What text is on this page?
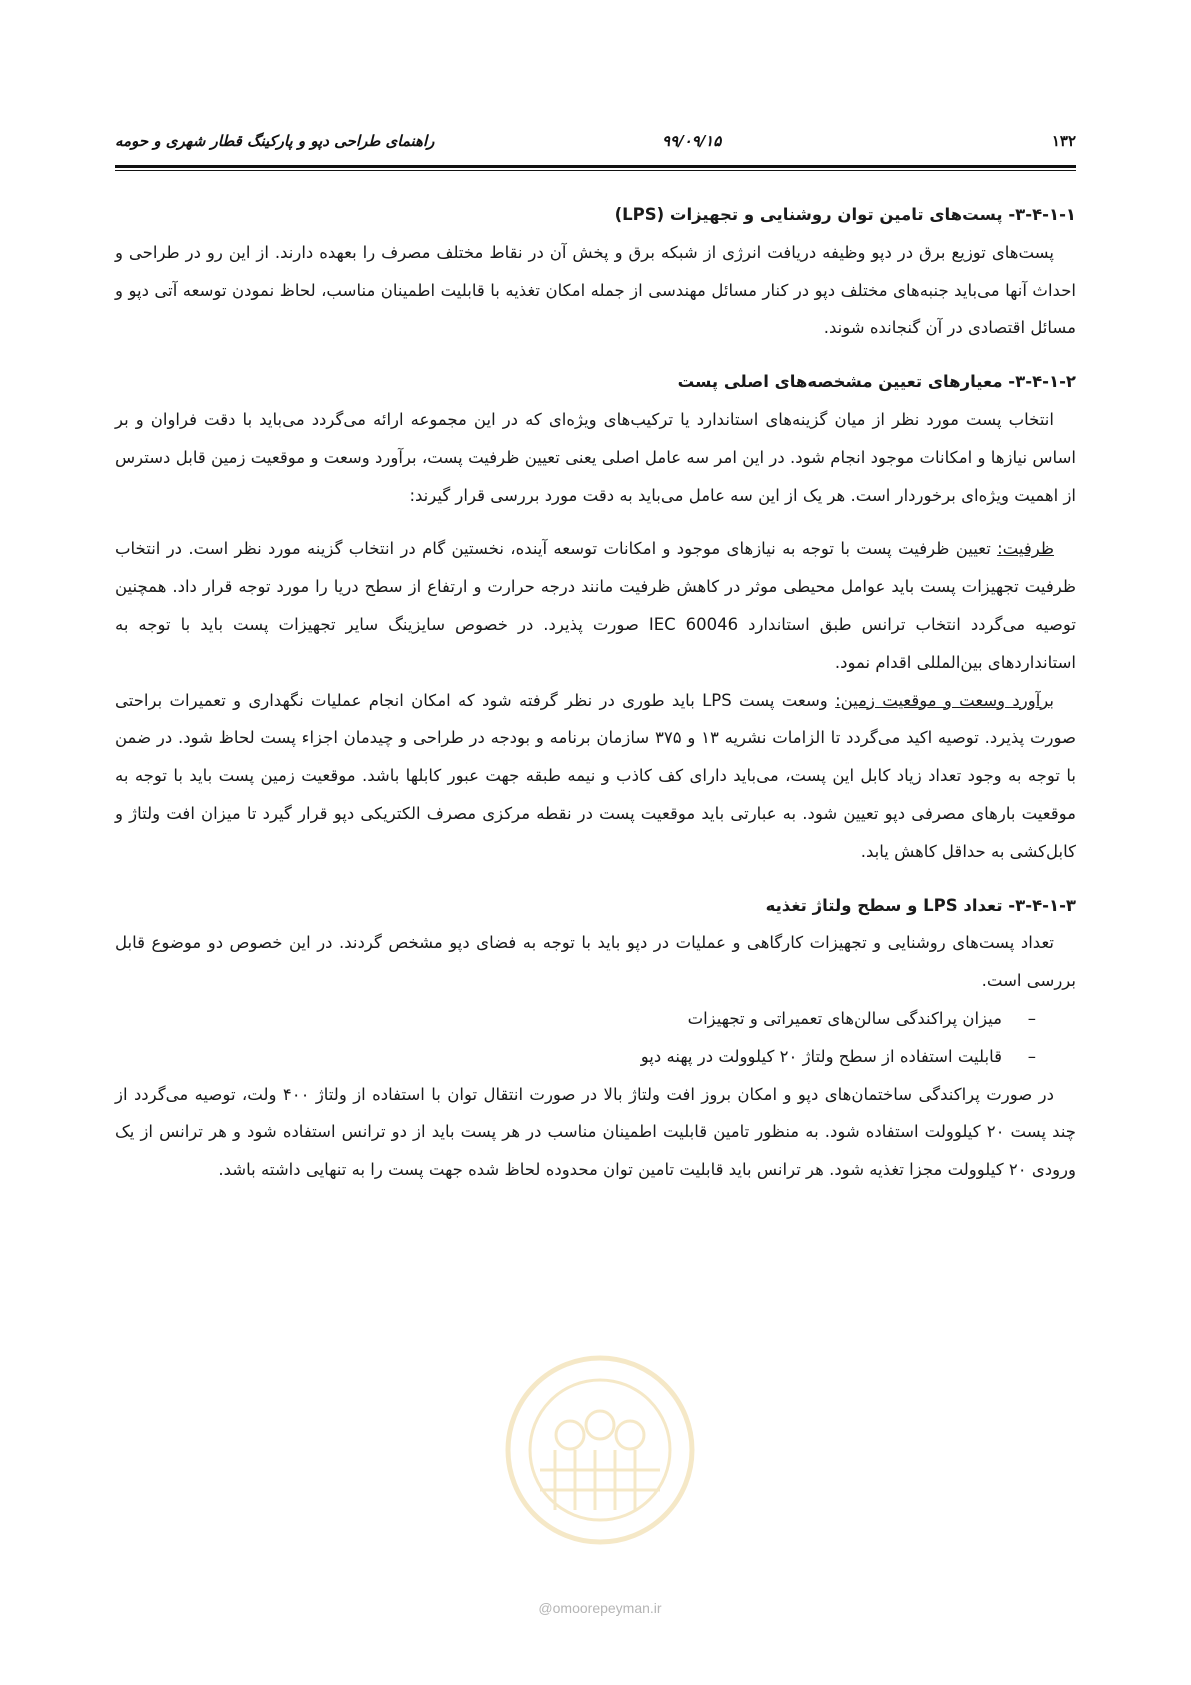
۱۳۲
۹۹/۰۹/۱۵
راهنمای طراحی دپو و پارکینگ قطار شهری و حومه
۳-۴-۱-۱- پست‌های تامین توان روشنایی و تجهیزات (LPS)

پست‌های توزیع برق در دپو وظیفه دریافت انرژی از شبکه برق و پخش آن در نقاط مختلف مصرف را بعهده دارند. از این رو در طراحی و احداث آنها می‌باید جنبه‌های مختلف دپو در کنار مسائل مهندسی از جمله امکان تغذیه با قابلیت اطمینان مناسب، لحاظ نمودن توسعه آتی دپو و مسائل اقتصادی در آن گنجانده شوند.

۳-۴-۱-۲- معیارهای تعیین مشخصه‌های اصلی پست

انتخاب پست مورد نظر از میان گزینه‌های استاندارد یا ترکیب‌های ویژه‌ای که در این مجموعه ارائه می‌گردد می‌باید با دقت فراوان و بر اساس نیازها و امکانات موجود انجام شود. در این امر سه عامل اصلی یعنی تعیین ظرفیت پست، برآورد وسعت و موقعیت زمین قابل دسترس از اهمیت ویژه‌ای برخوردار است. هر یک از این سه عامل می‌باید به دقت مورد بررسی قرار گیرند:

ظرفیت: تعیین ظرفیت پست با توجه به نیازهای موجود و امکانات توسعه آینده، نخستین گام در انتخاب گزینه مورد نظر است. در انتخاب ظرفیت تجهیزات پست باید عوامل محیطی موثر در کاهش ظرفیت مانند درجه حرارت و ارتفاع از سطح دریا را مورد توجه قرار داد. همچنین توصیه می‌گردد انتخاب ترانس طبق استاندارد IEC 60046 صورت پذیرد. در خصوص سایزینگ سایر تجهیزات پست باید با توجه به استانداردهای بین‌المللی اقدام نمود.

برآورد وسعت و موقعیت زمین: وسعت پست LPS باید طوری در نظر گرفته شود که امکان انجام عملیات نگهداری و تعمیرات براحتی صورت پذیرد. توصیه اکید می‌گردد تا الزامات نشریه ۱۳ و ۳۷۵ سازمان برنامه و بودجه در طراحی و چیدمان اجزاء پست لحاظ شود. در ضمن با توجه به وجود تعداد زیاد کابل این پست، می‌باید دارای کف کاذب و نیمه طبقه جهت عبور کابلها باشد. موقعیت زمین پست باید با توجه به موقعیت بارهای مصرفی دپو تعیین شود. به عبارتی باید موقعیت پست در نقطه مرکزی مصرف الکتریکی دپو قرار گیرد تا میزان افت ولتاژ و کابل‌کشی به حداقل کاهش یابد.

۳-۴-۱-۳- تعداد LPS و سطح ولتاژ تغذیه

تعداد پست‌های روشنایی و تجهیزات کارگاهی و عملیات در دپو باید با توجه به فضای دپو مشخص گردند. در این خصوص دو موضوع قابل بررسی است.

–
میزان پراکندگی سالن‌های تعمیراتی و تجهیزات
–
قابلیت استفاده از سطح ولتاژ ۲۰ کیلوولت در پهنه دپو

در صورت پراکندگی ساختمان‌های دپو و امکان بروز افت ولتاژ بالا در صورت انتقال توان با استفاده از ولتاژ ۴۰۰ ولت، توصیه می‌گردد از چند پست ۲۰ کیلوولت استفاده شود. به منظور تامین قابلیت اطمینان مناسب در هر پست باید از دو ترانس استفاده شود و هر ترانس از یک ورودی ۲۰ کیلوولت مجزا تغذیه شود. هر ترانس باید قابلیت تامین توان محدوده لحاظ شده جهت پست را به تنهایی داشته باشد.

@omoorepeyman.ir
